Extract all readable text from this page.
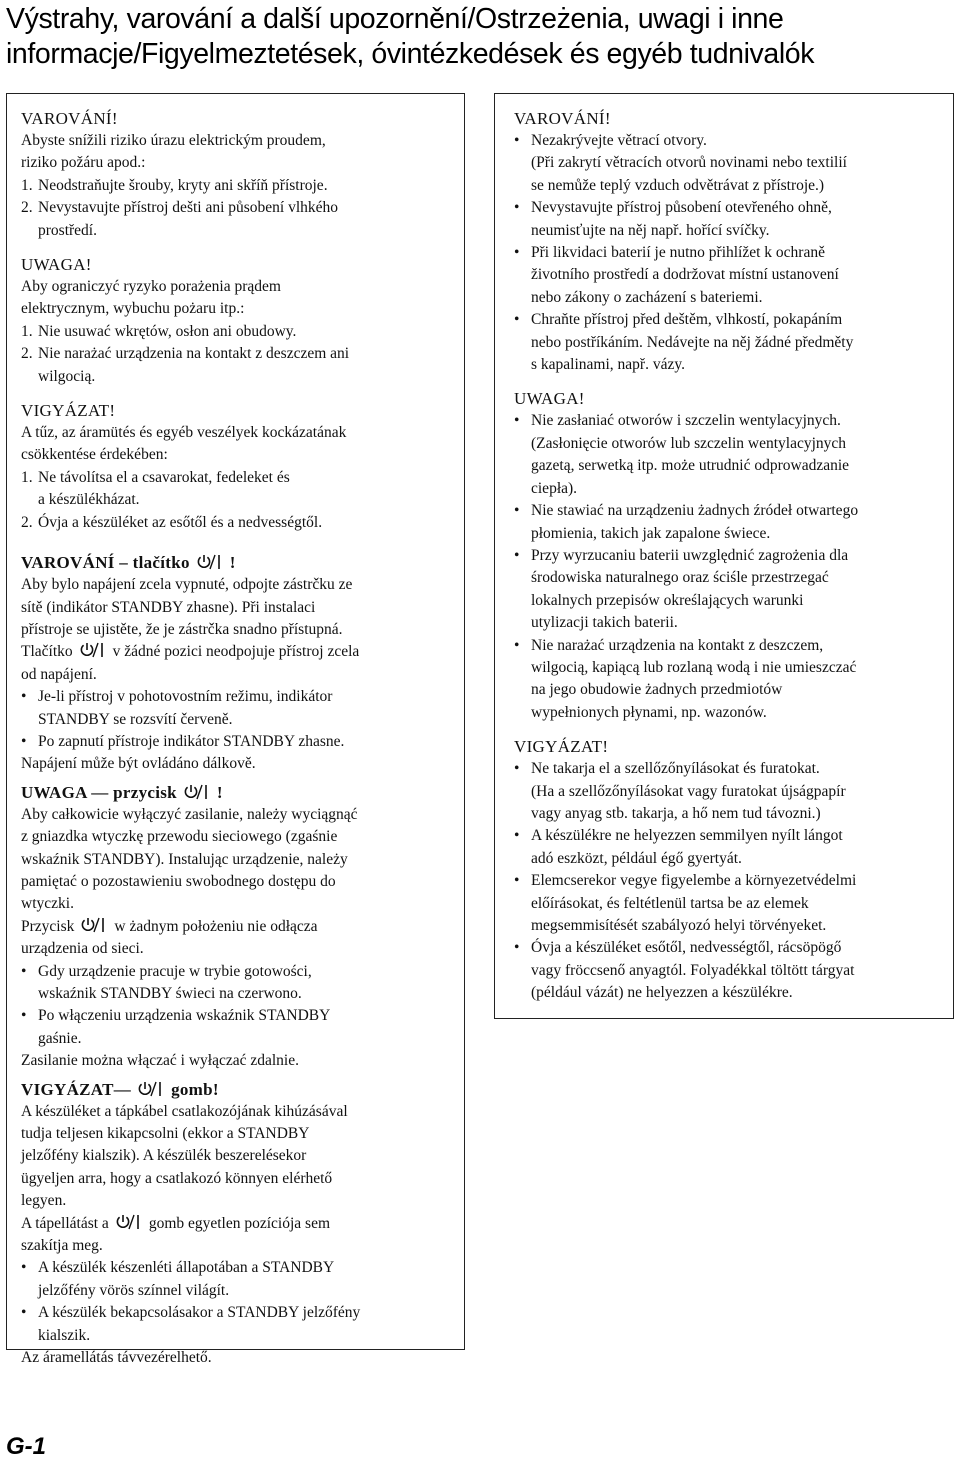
Výstrahy, varování a další upozornění/Ostrzeżenia, uwagi i inne
informacje/Figyelmeztetések, óvintézkedések és egyéb tudnivalók

VAROVÁNÍ!

Abyste snížili riziko úrazu elektrickým proudem,

riziko požáru apod.:

1. Neodstraňujte šrouby, kryty ani skříň přístroje.
2. Nevystavujte přístroj dešti ani působení vlhkého
prostředí.

UWAGA!

Aby ograniczyć ryzyko porażenia prądem

elektrycznym, wybuchu pożaru itp.:

1. Nie usuwać wkrętów, osłon ani obudowy.
2. Nie narażać urządzenia na kontakt z deszczem ani
wilgocią.

VIGYÁZAT!

A tűz, az áramütés és egyéb veszélyek kockázatának

csökkentése érdekében:

1. Ne távolítsa el a csavarokat, fedeleket és
a készülékházat.
2. Óvja a készüléket az esőtől és a nedvességtől.

VAROVÁNÍ – tlačítko !

Aby bylo napájení zcela vypnuté, odpojte zástrčku ze

sítě (indikátor STANDBY zhasne). Při instalaci

přístroje se ujistěte, že je zástrčka snadno přístupná.

Tlačítko	v žádné pozici neodpojuje přístroj zcela

od napájení.

• Je-li přístroj v pohotovostním režimu, indikátor
STANDBY se rozsvítí červeně.
• Po zapnutí přístroje indikátor STANDBY zhasne.

Napájení může být ovládáno dálkově.

UWAGA — przycisk !

Aby całkowicie wyłączyć zasilanie, należy wyciągnąć

z gniazdka wtyczkę przewodu sieciowego (zgaśnie

wskaźnik STANDBY). Instalując urządzenie, należy

pamiętać o pozostawieniu swobodnego dostępu do

wtyczki.

Przycisk	w żadnym położeniu nie odłącza

urządzenia od sieci.

• Gdy urządzenie pracuje w trybie gotowości,
wskaźnik STANDBY świeci na czerwono.
• Po włączeniu urządzenia wskaźnik STANDBY
gaśnie.

Zasilanie można włączać i wyłączać zdalnie.

VIGYÁZAT— gomb!

A készüléket a tápkábel csatlakozójának kihúzásával

tudja teljesen kikapcsolni (ekkor a STANDBY

jelzőfény kialszik). A készülék beszerelésekor

ügyeljen arra, hogy a csatlakozó könnyen elérhető

legyen.

A tápellátást a	gomb egyetlen pozíciója sem

szakítja meg.

• A készülék készenléti állapotában a STANDBY
jelzőfény vörös színnel világít.
• A készülék bekapcsolásakor a STANDBY jelzőfény
kialszik.

Az áramellátás távvezérelhető.

VAROVÁNÍ!

• Nezakrývejte větrací otvory.
(Při zakrytí větracích otvorů novinami nebo textilií
se nemůže teplý vzduch odvětrávat z přístroje.)
• Nevystavujte přístroj působení otevřeného ohně,
neumisťujte na něj např. hořící svíčky.
• Při likvidaci baterií je nutno přihlížet k ochraně
životního prostředí a dodržovat místní ustanovení
nebo zákony o zacházení s bateriemi.
• Chraňte přístroj před deštěm, vlhkostí, pokapáním
nebo postříkáním. Nedávejte na něj žádné předměty
s kapalinami, např. vázy.

UWAGA!

• Nie zasłaniać otworów i szczelin wentylacyjnych.
(Zasłonięcie otworów lub szczelin wentylacyjnych
gazetą, serwetką itp. może utrudnić odprowadzanie
ciepła).
• Nie stawiać na urządzeniu żadnych źródeł otwartego
płomienia, takich jak zapalone świece.
• Przy wyrzucaniu baterii uwzględnić zagrożenia dla
środowiska naturalnego oraz ściśle przestrzegać
lokalnych przepisów określających warunki
utylizacji takich baterii.
• Nie narażać urządzenia na kontakt z deszczem,
wilgocią, kapiącą lub rozlaną wodą i nie umieszczać
na jego obudowie żadnych przedmiotów
wypełnionych płynami, np. wazonów.

VIGYÁZAT!

• Ne takarja el a szellőzőnyílásokat és furatokat.
(Ha a szellőzőnyílásokat vagy furatokat újságpapír
vagy anyag stb. takarja, a hő nem tud távozni.)
• A készülékre ne helyezzen semmilyen nyílt lángot
adó eszközt, például égő gyertyát.
• Elemcserekor vegye figyelembe a környezetvédelmi
előírásokat, és feltétlenül tartsa be az elemek
megsemmisítését szabályozó helyi törvényeket.
• Óvja a készüléket esőtől, nedvességtől, rácsöpögő
vagy fröccsenő anyagtól. Folyadékkal töltött tárgyat
(például vázát) ne helyezzen a készülékre.
G-1
